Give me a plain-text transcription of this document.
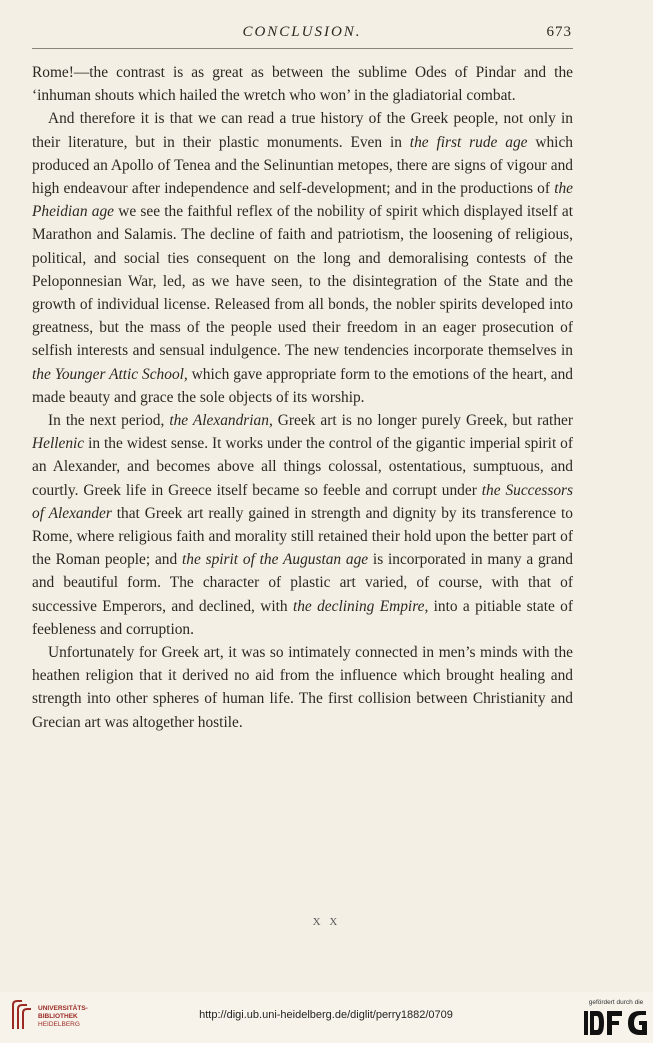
CONCLUSION.	673

Rome!—the contrast is as great as between the sublime Odes of Pindar and the ‘inhuman shouts which hailed the wretch who won’ in the gladiatorial combat.

And therefore it is that we can read a true history of the Greek people, not only in their literature, but in their plastic monuments. Even in the first rude age which produced an Apollo of Tenea and the Selinuntian metopes, there are signs of vigour and high endeavour after independence and self-development; and in the productions of the Pheidian age we see the faithful reflex of the nobility of spirit which displayed itself at Marathon and Salamis. The decline of faith and patriotism, the loosening of religious, political, and social ties consequent on the long and demoralising contests of the Peloponnesian War, led, as we have seen, to the disintegration of the State and the growth of individual license. Released from all bonds, the nobler spirits developed into greatness, but the mass of the people used their freedom in an eager prosecution of selfish interests and sensual indulgence. The new tendencies incorporate themselves in the Younger Attic School, which gave appropriate form to the emotions of the heart, and made beauty and grace the sole objects of its worship.

In the next period, the Alexandrian, Greek art is no longer purely Greek, but rather Hellenic in the widest sense. It works under the control of the gigantic imperial spirit of an Alexander, and becomes above all things colossal, ostentatious, sumptuous, and courtly. Greek life in Greece itself became so feeble and corrupt under the Successors of Alexander that Greek art really gained in strength and dignity by its transference to Rome, where religious faith and morality still retained their hold upon the better part of the Roman people; and the spirit of the Augustan age is incorporated in many a grand and beautiful form. The character of plastic art varied, of course, with that of successive Emperors, and declined, with the declining Empire, into a pitiable state of feebleness and corruption.

Unfortunately for Greek art, it was so intimately connected in men’s minds with the heathen religion that it derived no aid from the influence which brought healing and strength into other spheres of human life. The first collision between Christianity and Grecian art was altogether hostile.

X X
UNIVERSITÄTS-
BIBLIOTHEK
HEIDELBERG
http://digi.ub.uni-heidelberg.de/diglit/perry1882/0709
gefördert durch die
